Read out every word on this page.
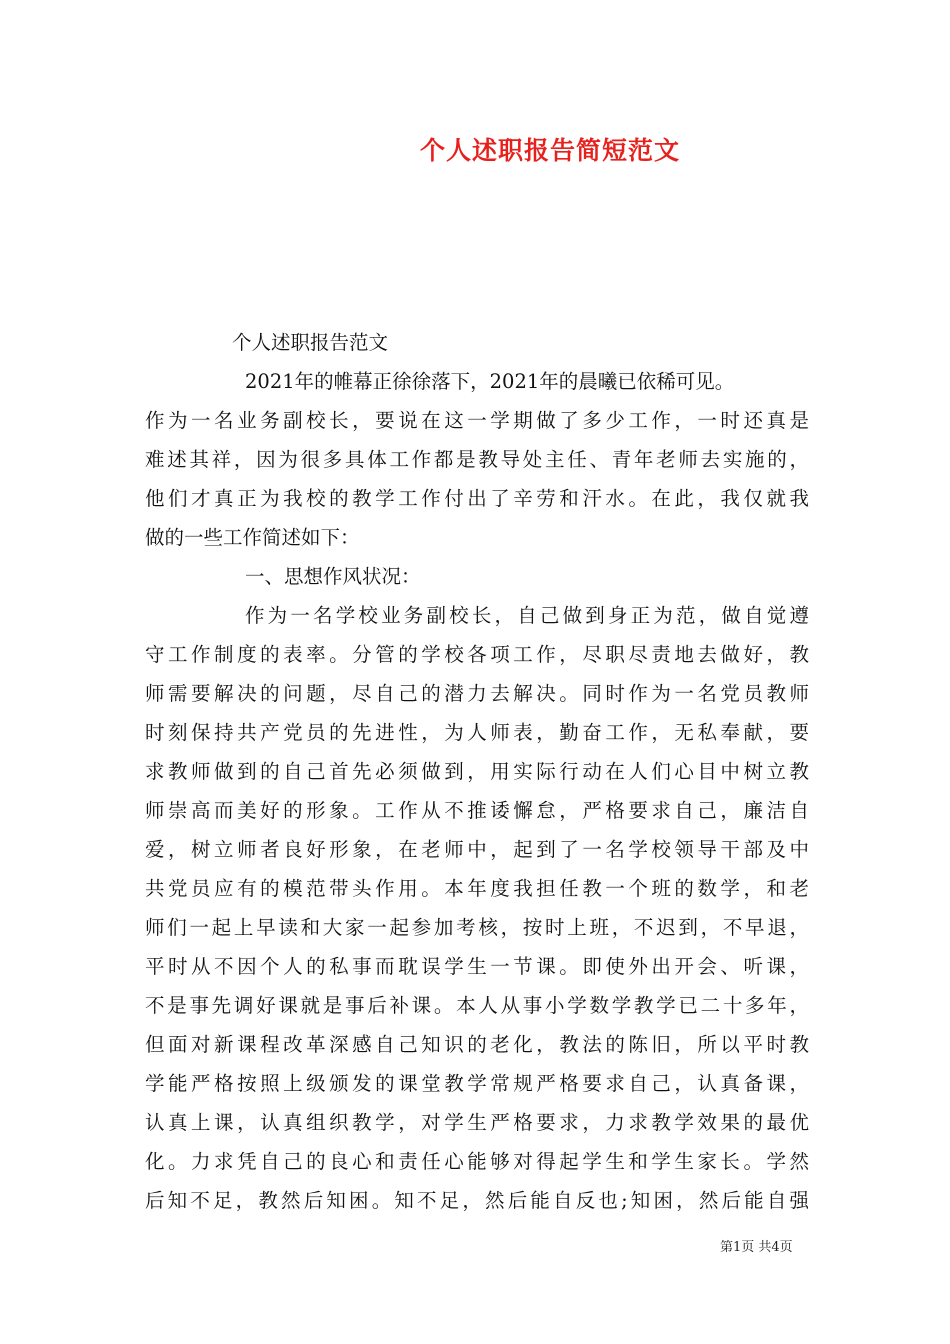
个人述职报告简短范文
个人述职报告范文
2021年的帷幕正徐徐落下，2021年的晨曦已依稀可见。
作为一名业务副校长，要说在这一学期做了多少工作，一时还真是
难述其祥，因为很多具体工作都是教导处主任、青年老师去实施的，
他们才真正为我校的教学工作付出了辛劳和汗水。在此，我仅就我
做的一些工作简述如下：
一、思想作风状况：
作为一名学校业务副校长，自己做到身正为范，做自觉遵
守工作制度的表率。分管的学校各项工作，尽职尽责地去做好，教
师需要解决的问题，尽自己的潜力去解决。同时作为一名党员教师
时刻保持共产党员的先进性，为人师表，勤奋工作，无私奉献，要
求教师做到的自己首先必须做到，用实际行动在人们心目中树立教
师崇高而美好的形象。工作从不推诿懈怠，严格要求自己，廉洁自
爱，树立师者良好形象，在老师中，起到了一名学校领导干部及中
共党员应有的模范带头作用。本年度我担任教一个班的数学，和老
师们一起上早读和大家一起参加考核，按时上班，不迟到，不早退，
平时从不因个人的私事而耽误学生一节课。即使外出开会、听课，
不是事先调好课就是事后补课。本人从事小学数学教学已二十多年，
但面对新课程改革深感自己知识的老化，教法的陈旧，所以平时教
学能严格按照上级颁发的课堂教学常规严格要求自己，认真备课，
认真上课，认真组织教学，对学生严格要求，力求教学效果的最优
化。力求凭自己的良心和责任心能够对得起学生和学生家长。学然
后知不足，教然后知困。知不足，然后能自反也;知困，然后能自强
第1页 共4页
